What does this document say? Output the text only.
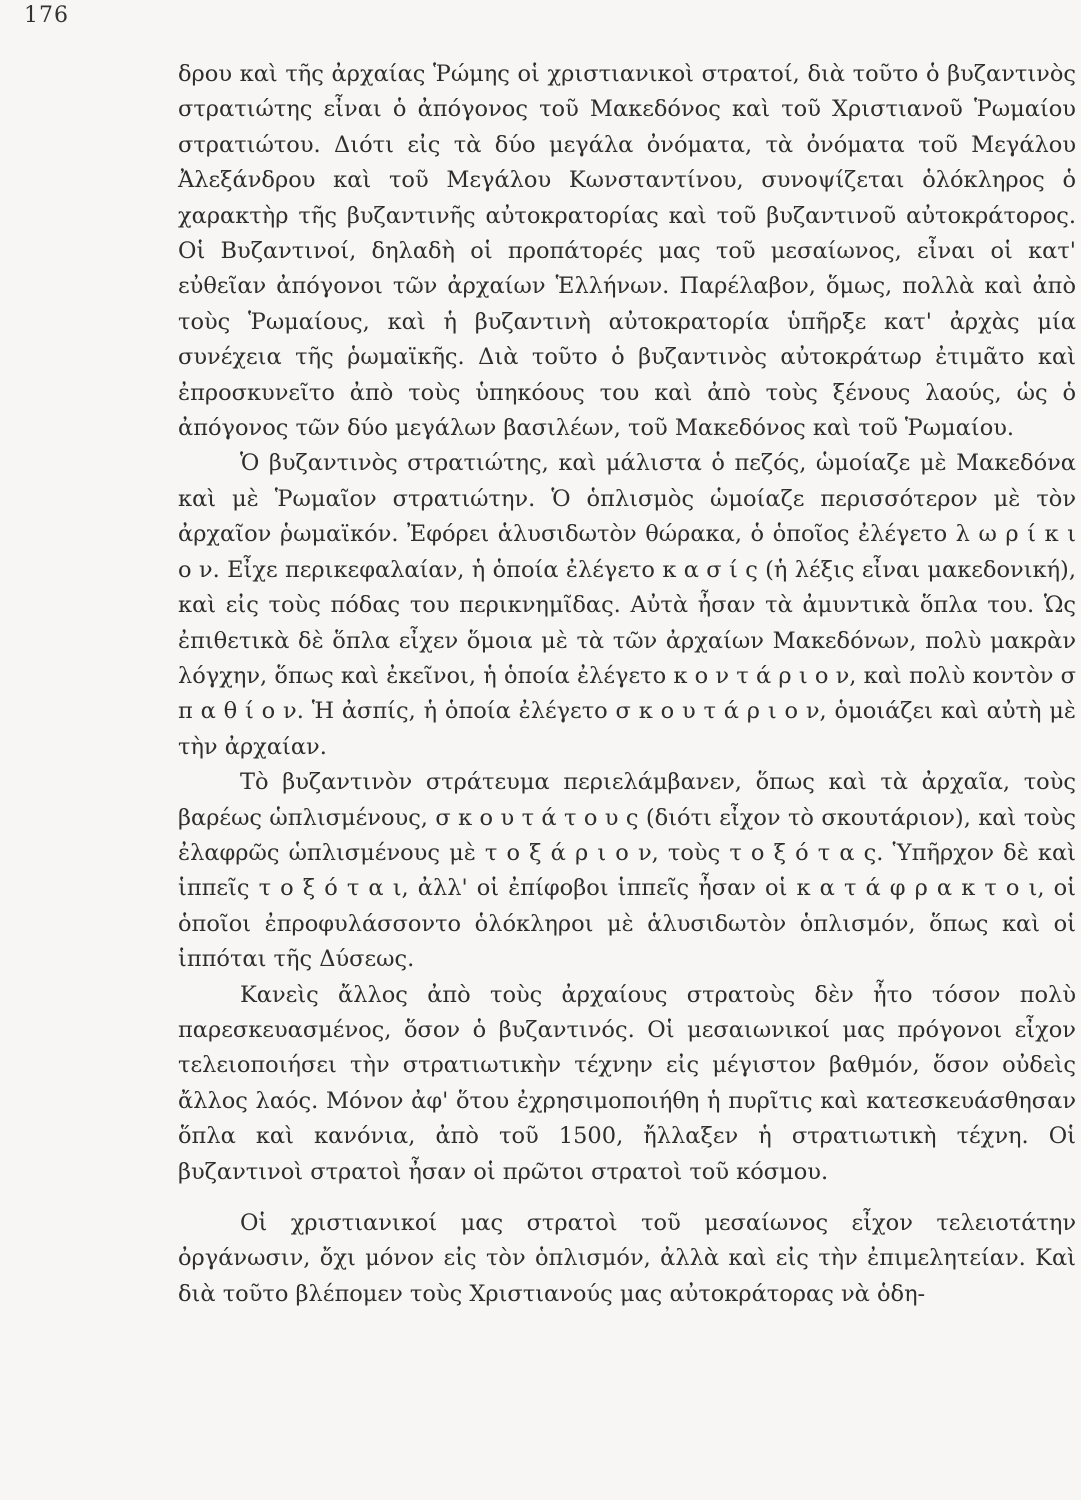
176

δρου καὶ τῆς ἀρχαίας Ῥώμης οἱ χριστιανικοὶ στρατοί, διὰ τοῦτο ὁ βυζαντινὸς στρατιώτης εἶναι ὁ ἀπόγονος τοῦ Μακεδόνος καὶ τοῦ Χριστιανοῦ Ῥωμαίου στρατιώτου. Διότι εἰς τὰ δύο μεγάλα ὀνόματα, τὰ ὀνόματα τοῦ Μεγάλου Ἀλεξάνδρου καὶ τοῦ Μεγάλου Κωνσταντίνου, συνοψίζεται ὁλόκληρος ὁ χαρακτὴρ τῆς βυζαντινῆς αὐτοκρατορίας καὶ τοῦ βυζαντινοῦ αὐτοκράτορος. Οἱ Βυζαντινοί, δηλαδὴ οἱ προπάτορές μας τοῦ μεσαίωνος, εἶναι οἱ κατ' εὐθεῖαν ἀπόγονοι τῶν ἀρχαίων Ἑλλήνων. Παρέλαβον, ὅμως, πολλὰ καὶ ἀπὸ τοὺς Ῥωμαίους, καὶ ἡ βυζαντινὴ αὐτοκρατορία ὑπῆρξε κατ' ἀρχὰς μία συνέχεια τῆς ῥωμαϊκῆς. Διὰ τοῦτο ὁ βυζαντινὸς αὐτοκράτωρ ἐτιμᾶτο καὶ ἐπροσκυνεῖτο ἀπὸ τοὺς ὑπηκόους του καὶ ἀπὸ τοὺς ξένους λαούς, ὡς ὁ ἀπόγονος τῶν δύο μεγάλων βασιλέων, τοῦ Μακεδόνος καὶ τοῦ Ῥωμαίου.

Ὁ βυζαντινὸς στρατιώτης, καὶ μάλιστα ὁ πεζός, ὡμοίαζε μὲ Μακεδόνα καὶ μὲ Ῥωμαῖον στρατιώτην. Ὁ ὁπλισμὸς ὡμοίαζε περισσότερον μὲ τὸν ἀρχαῖον ῥωμαϊκόν. Ἐφόρει ἁλυσιδωτὸν θώρακα, ὁ ὁποῖος ἐλέγετο λ ω ρ ί κ ι ο ν. Εἶχε περικεφαλαίαν, ἡ ὁποία ἐλέγετο κ α σ ί ς (ἡ λέξις εἶναι μακεδονική), καὶ εἰς τοὺς πόδας του περικνημῖδας. Αὐτὰ ἦσαν τὰ ἀμυντικὰ ὅπλα του. Ὡς ἐπιθετικὰ δὲ ὅπλα εἶχεν ὅμοια μὲ τὰ τῶν ἀρχαίων Μακεδόνων, πολὺ μακρὰν λόγχην, ὅπως καὶ ἐκεῖνοι, ἡ ὁποία ἐλέγετο κ ο ν τ ά ρ ι ο ν, καὶ πολὺ κοντὸν σ π α θ ί ο ν. Ἡ ἀσπίς, ἡ ὁποία ἐλέγετο σ κ ο υ τ ά ρ ι ο ν, ὁμοιάζει καὶ αὐτὴ μὲ τὴν ἀρχαίαν.

Τὸ βυζαντινὸν στράτευμα περιελάμβανεν, ὅπως καὶ τὰ ἀρχαῖα, τοὺς βαρέως ὡπλισμένους, σ κ ο υ τ ά τ ο υ ς (διότι εἶχον τὸ σκουτάριον), καὶ τοὺς ἐλαφρῶς ὡπλισμένους μὲ τ ο ξ ά ρ ι ο ν, τοὺς τ ο ξ ό τ α ς. Ὑπῆρχον δὲ καὶ ἱππεῖς τ ο ξ ό τ α ι, ἀλλ' οἱ ἐπίφοβοι ἱππεῖς ἦσαν οἱ κ α τ ά φ ρ α κ τ ο ι, οἱ ὁποῖοι ἐπροφυλάσσοντο ὁλόκληροι μὲ ἁλυσιδωτὸν ὁπλισμόν, ὅπως καὶ οἱ ἱππόται τῆς Δύσεως.

Κανεὶς ἄλλος ἀπὸ τοὺς ἀρχαίους στρατοὺς δὲν ἦτο τόσον πολὺ παρεσκευασμένος, ὅσον ὁ βυζαντινός. Οἱ μεσαιωνικοί μας πρόγονοι εἶχον τελειοποιήσει τὴν στρατιωτικὴν τέχνην εἰς μέγιστον βαθμόν, ὅσον οὐδεὶς ἄλλος λαός. Μόνον ἀφ' ὅτου ἐχρησιμοποιήθη ἡ πυρῖτις καὶ κατεσκευάσθησαν ὅπλα καὶ κανόνια, ἀπὸ τοῦ 1500, ἤλλαξεν ἡ στρατιωτικὴ τέχνη. Οἱ βυζαντινοὶ στρατοὶ ἦσαν οἱ πρῶτοι στρατοὶ τοῦ κόσμου.

Οἱ χριστιανικοί μας στρατοὶ τοῦ μεσαίωνος εἶχον τελειοτάτην ὀργάνωσιν, ὄχι μόνον εἰς τὸν ὁπλισμόν, ἀλλὰ καὶ εἰς τὴν ἐπιμελητείαν. Καὶ διὰ τοῦτο βλέπομεν τοὺς Χριστιανούς μας αὐτοκράτορας νὰ ὁδη-
